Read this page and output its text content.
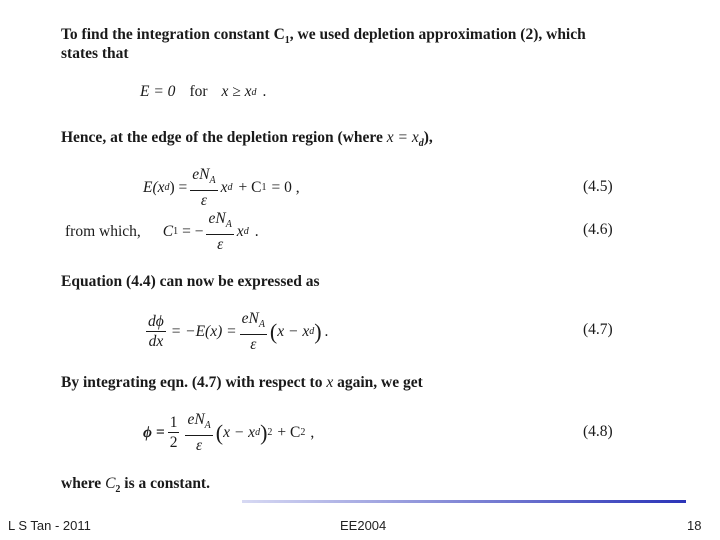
To find the integration constant $C_1$, we used depletion approximation (2), which
states that
E = 0 for x ≥ x d .
Hence, at the edge of the depletion region (where $x = x_d$),
E(x d ) = $\frac{eN_A}{\varepsilon}$ x d + C 1 = 0 ,	(4.5)
from which, C 1 = − $\frac{eN_A}{\varepsilon}$ x d .	(4.6)
Equation (4.4) can now be expressed as
$\frac{d\phi}{dx} = -E(x) = \frac{eN_A}{\varepsilon}$ ( x − x d ) .	(4.7)
By integrating eqn. (4.7) with respect to x again, we get
$\phi = \frac{1}{2} \frac{eN_A}{\varepsilon}$ ( x − x d ) 2 + C 2 ,	(4.8)
where $C_2$ is a constant.
L S Tan - 2011	EE2004	18
